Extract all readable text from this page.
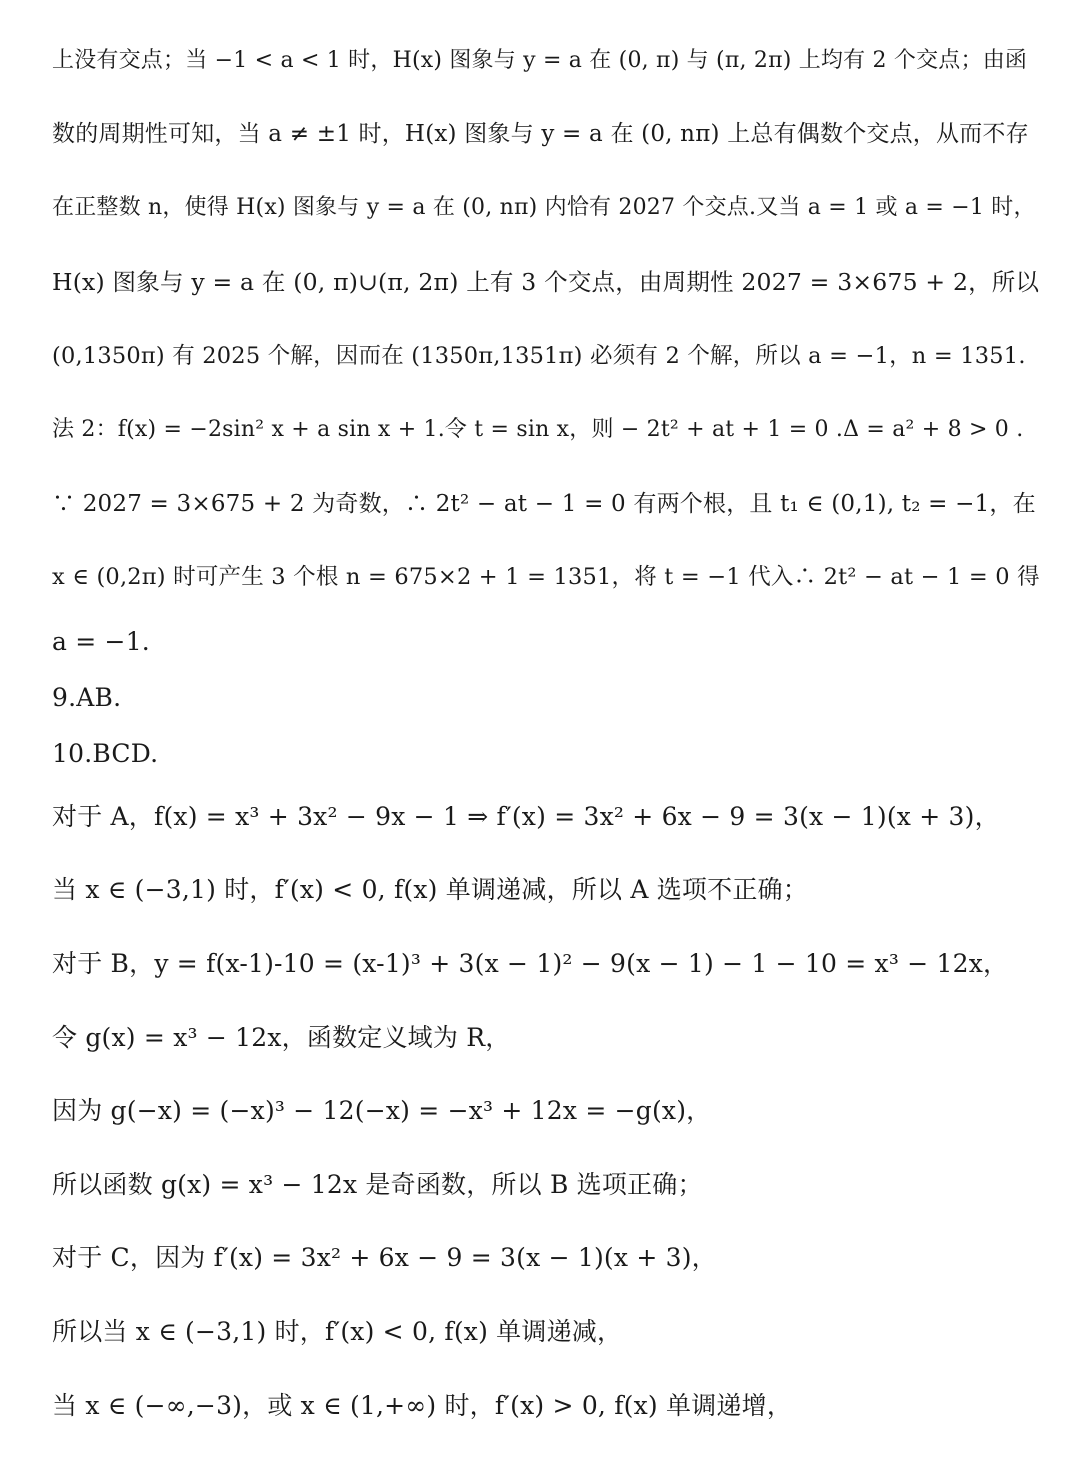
上没有交点；当 −1 < a < 1 时，H(x) 图象与 y = a 在 (0, π) 与 (π, 2π) 上均有 2 个交点；由函
数的周期性可知，当 a ≠ ±1 时，H(x) 图象与 y = a 在 (0, nπ) 上总有偶数个交点，从而不存
在正整数 n，使得 H(x) 图象与 y = a 在 (0, nπ) 内恰有 2027 个交点.又当 a = 1 或 a = −1 时，
H(x) 图象与 y = a 在 (0, π)∪(π, 2π) 上有 3 个交点，由周期性 2027 = 3×675 + 2，所以
(0,1350π) 有 2025 个解，因而在 (1350π,1351π) 必须有 2 个解，所以 a = −1，n = 1351.
法 2：f(x) = −2sin² x + a sin x + 1.令 t = sin x，则 − 2t² + at + 1 = 0 .Δ = a² + 8 > 0 .
∵ 2027 = 3×675 + 2 为奇数，∴ 2t² − at − 1 = 0 有两个根，且 t₁ ∈ (0,1), t₂ = −1，在
x ∈ (0,2π) 时可产生 3 个根 n = 675×2 + 1 = 1351，将 t = −1 代入∴ 2t² − at − 1 = 0 得
a = −1.
9.AB.
10.BCD.
对于 A，f(x) = x³ + 3x² − 9x − 1 ⇒ f′(x) = 3x² + 6x − 9 = 3(x − 1)(x + 3)，
当 x ∈ (−3,1) 时，f′(x) < 0, f(x) 单调递减，所以 A 选项不正确；
对于 B，y = f(x-1)-10 = (x-1)³ + 3(x − 1)² − 9(x − 1) − 1 − 10 = x³ − 12x，
令 g(x) = x³ − 12x，函数定义域为 R，
因为 g(−x) = (−x)³ − 12(−x) = −x³ + 12x = −g(x)，
所以函数 g(x) = x³ − 12x 是奇函数，所以 B 选项正确；
对于 C，因为 f′(x) = 3x² + 6x − 9 = 3(x − 1)(x + 3)，
所以当 x ∈ (−3,1) 时，f′(x) < 0, f(x) 单调递减，
当 x ∈ (−∞,−3)，或 x ∈ (1,+∞) 时，f′(x) > 0, f(x) 单调递增，
